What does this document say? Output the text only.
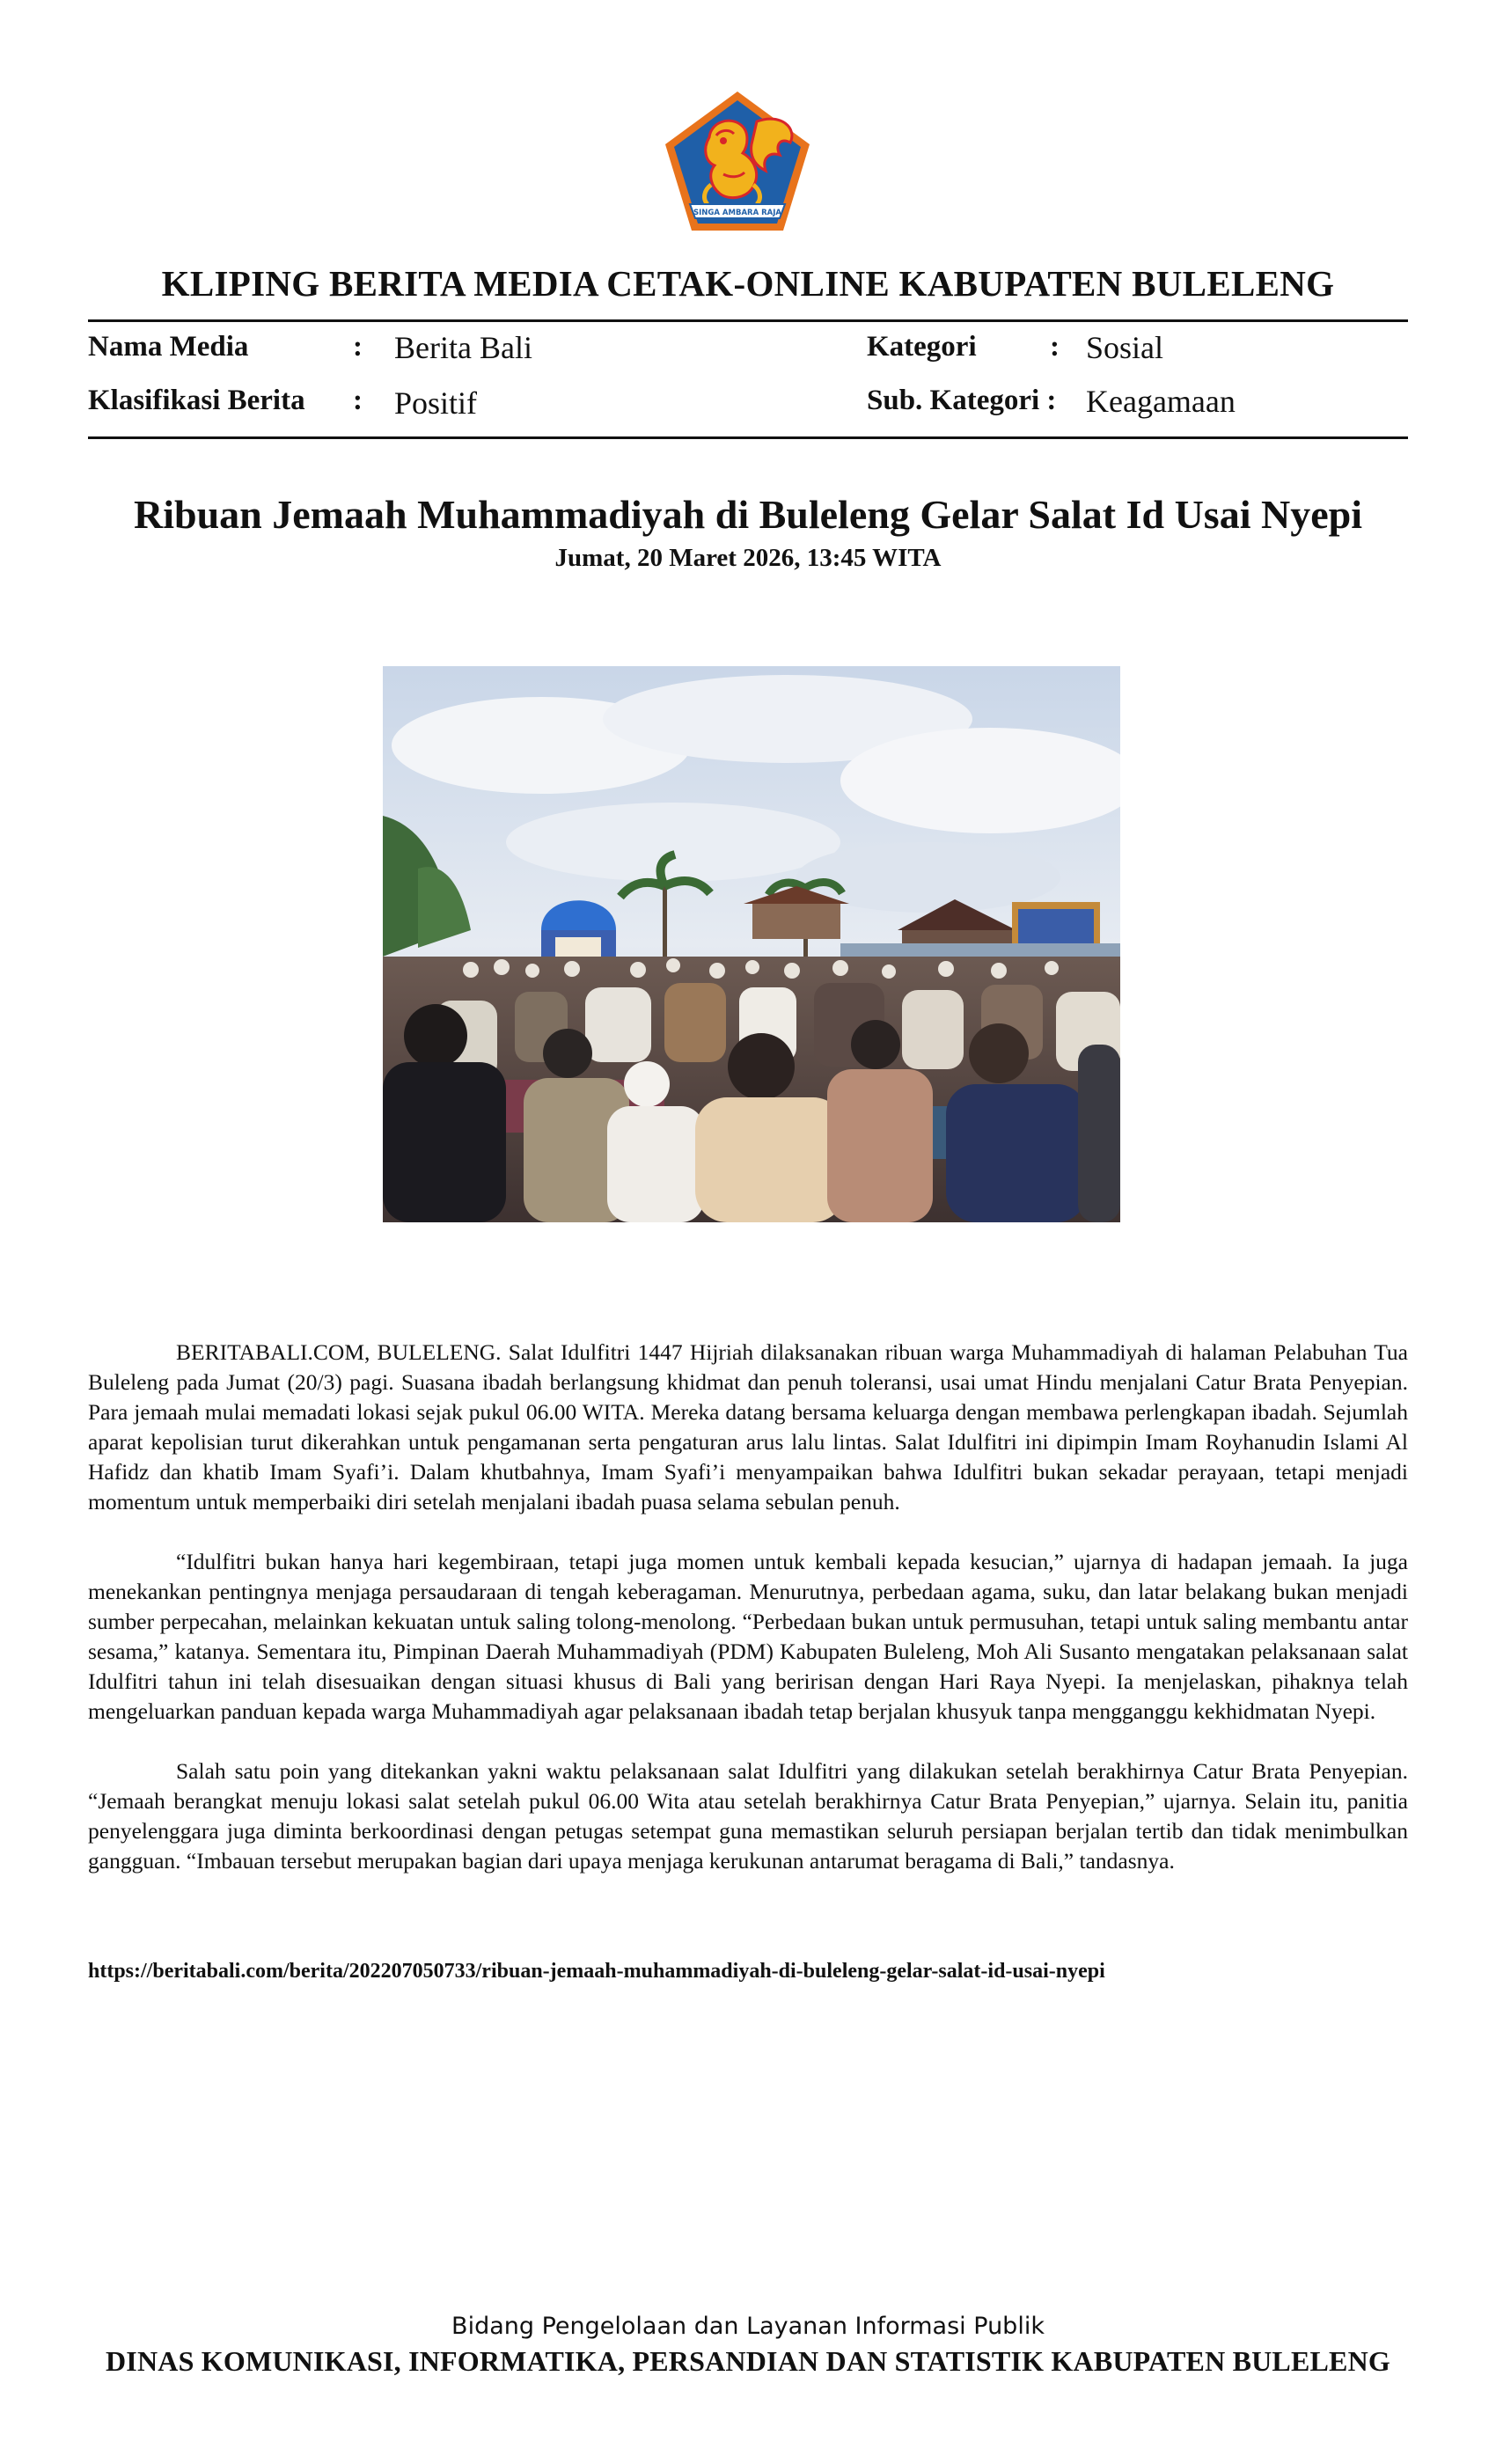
SINGA AMBARA RAJA
KLIPING BERITA MEDIA CETAK-ONLINE KABUPATEN BULELENG
Nama Media	: Berita Bali
Klasifikasi Berita : Positif
Kategori	: Sosial
Sub. Kategori : Keagamaan
Ribuan Jemaah Muhammadiyah di Buleleng Gelar Salat Id Usai Nyepi
Jumat, 20 Maret 2026, 13:45 WITA

BERITABALI.COM, BULELENG. Salat Idulfitri 1447 Hijriah dilaksanakan ribuan warga Muhammadiyah di halaman Pelabuhan Tua Buleleng pada Jumat (20/3) pagi. Suasana ibadah berlangsung khidmat dan penuh toleransi, usai umat Hindu menjalani Catur Brata Penyepian. Para jemaah mulai memadati lokasi sejak pukul 06.00 WITA. Mereka datang bersama keluarga dengan membawa perlengkapan ibadah. Sejumlah aparat kepolisian turut dikerahkan untuk pengamanan serta pengaturan arus lalu lintas. Salat Idulfitri ini dipimpin Imam Royhanudin Islami Al Hafidz dan khatib Imam Syafi’i. Dalam khutbahnya, Imam Syafi’i menyampaikan bahwa Idulfitri bukan sekadar perayaan, tetapi menjadi momentum untuk memperbaiki diri setelah menjalani ibadah puasa selama sebulan penuh.

“Idulfitri bukan hanya hari kegembiraan, tetapi juga momen untuk kembali kepada kesucian,” ujarnya di hadapan jemaah. Ia juga menekankan pentingnya menjaga persaudaraan di tengah keberagaman. Menurutnya, perbedaan agama, suku, dan latar belakang bukan menjadi sumber perpecahan, melainkan kekuatan untuk saling tolong-menolong. “Perbedaan bukan untuk permusuhan, tetapi untuk saling membantu antar sesama,” katanya. Sementara itu, Pimpinan Daerah Muhammadiyah (PDM) Kabupaten Buleleng, Moh Ali Susanto mengatakan pelaksanaan salat Idulfitri tahun ini telah disesuaikan dengan situasi khusus di Bali yang beririsan dengan Hari Raya Nyepi. Ia menjelaskan, pihaknya telah mengeluarkan panduan kepada warga Muhammadiyah agar pelaksanaan ibadah tetap berjalan khusyuk tanpa mengganggu kekhidmatan Nyepi.

Salah satu poin yang ditekankan yakni waktu pelaksanaan salat Idulfitri yang dilakukan setelah berakhirnya Catur Brata Penyepian. “Jemaah berangkat menuju lokasi salat setelah pukul 06.00 Wita atau setelah berakhirnya Catur Brata Penyepian,” ujarnya. Selain itu, panitia penyelenggara juga diminta berkoordinasi dengan petugas setempat guna memastikan seluruh persiapan berjalan tertib dan tidak menimbulkan gangguan. “Imbauan tersebut merupakan bagian dari upaya menjaga kerukunan antarumat beragama di Bali,” tandasnya.

https://beritabali.com/berita/202207050733/ribuan-jemaah-muhammadiyah-di-buleleng-gelar-salat-id-usai-nyepi
Bidang Pengelolaan dan Layanan Informasi Publik
DINAS KOMUNIKASI, INFORMATIKA, PERSANDIAN DAN STATISTIK KABUPATEN BULELENG
